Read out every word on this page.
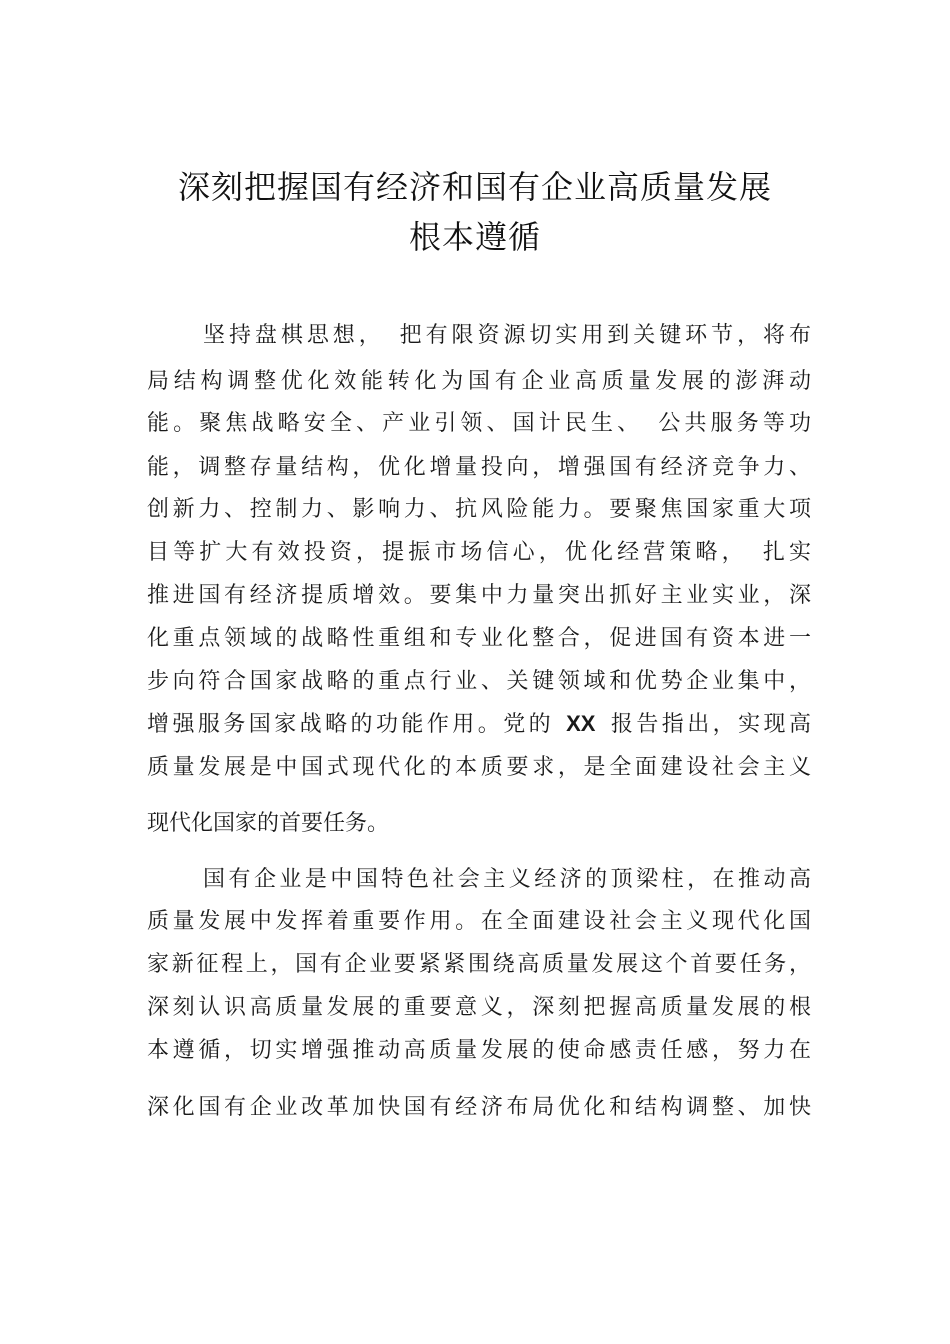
深刻把握国有经济和国有企业高质量发展
根本遵循
坚持盘棋思想，　把有限资源切实用到关键环节，将布
局结构调整优化效能转化为国有企业高质量发展的澎湃动
能。聚焦战略安全、产业引领、国计民生、　公共服务等功
能，调整存量结构，优化增量投向，增强国有经济竞争力、
创新力、控制力、影响力、抗风险能力。要聚焦国家重大项
目等扩大有效投资，提振市场信心，优化经营策略，　扎实
推进国有经济提质增效。要集中力量突出抓好主业实业，深
化重点领域的战略性重组和专业化整合，促进国有资本进一
步向符合国家战略的重点行业、关键领域和优势企业集中，
增强服务国家战略的功能作用。党的 XX 报告指出，实现高
质量发展是中国式现代化的本质要求，是全面建设社会主义
现代化国家的首要任务。
国有企业是中国特色社会主义经济的顶梁柱，在推动高
质量发展中发挥着重要作用。在全面建设社会主义现代化国
家新征程上，国有企业要紧紧围绕高质量发展这个首要任务，
深刻认识高质量发展的重要意义，深刻把握高质量发展的根
本遵循，切实增强推动高质量发展的使命感责任感，努力在
深化国有企业改革加快国有经济布局优化和结构调整、加快
